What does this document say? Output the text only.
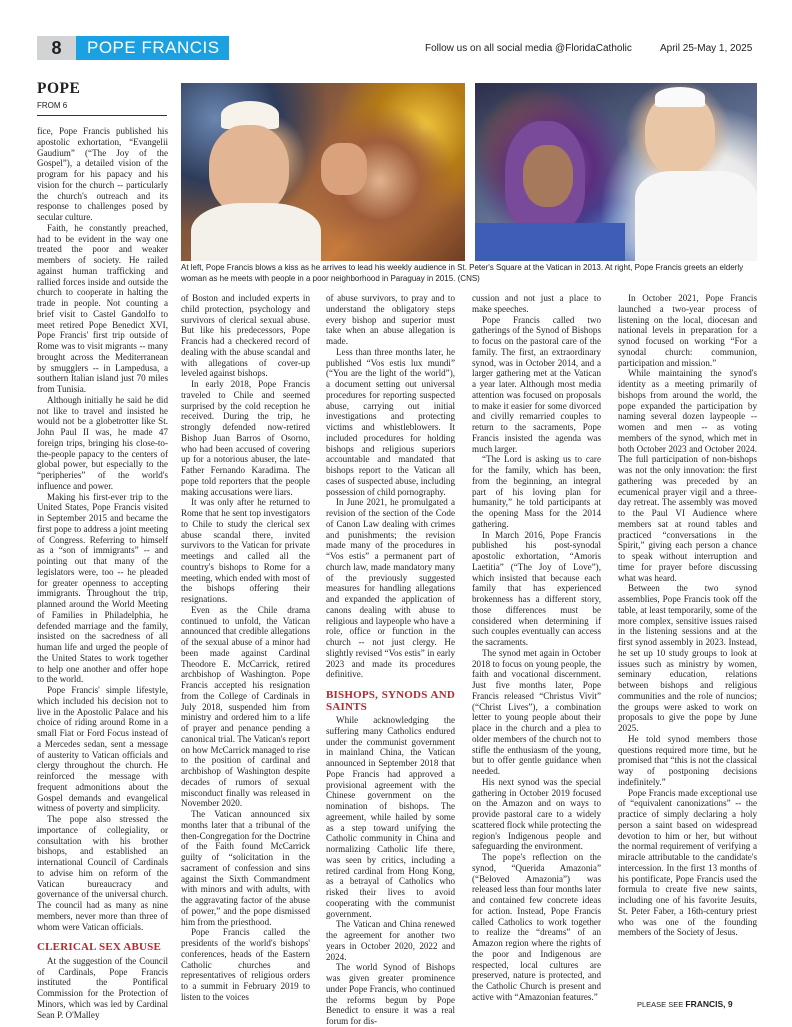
8	POPE FRANCIS	Follow us on all social media @FloridaCatholic	April 25-May 1, 2025
POPE
FROM 6
At left, Pope Francis blows a kiss as he arrives to lead his weekly audience in St. Peter's Square at the Vatican in 2013. At right, Pope Francis greets an elderly woman as he meets with people in a poor neighborhood in Paraguay in 2015. (CNS)

fice, Pope Francis published his apostolic exhortation, “Evangelii Gaudium” (“The Joy of the Gospel”), a detailed vision of the program for his papacy and his vision for the church -- particularly the church's outreach and its response to challenges posed by secular culture.

Faith, he constantly preached, had to be evident in the way one treated the poor and weaker members of society. He railed against human trafficking and rallied forces inside and outside the church to cooperate in halting the trade in people. Not counting a brief visit to Castel Gandolfo to meet retired Pope Benedict XVI, Pope Francis' first trip outside of Rome was to visit migrants -- many brought across the Mediterranean by smugglers -- in Lampedusa, a southern Italian island just 70 miles from Tunisia.

Although initially he said he did not like to travel and insisted he would not be a globetrotter like St. John Paul II was, he made 47 foreign trips, bringing his close-to-the-people papacy to the centers of global power, but especially to the “peripheries” of the world's influence and power.

Making his first-ever trip to the United States, Pope Francis visited in September 2015 and became the first pope to address a joint meeting of Congress. Referring to himself as a “son of immigrants” -- and pointing out that many of the legislators were, too -- he pleaded for greater openness to accepting immigrants. Throughout the trip, planned around the World Meeting of Families in Philadelphia, he defended marriage and the family, insisted on the sacredness of all human life and urged the people of the United States to work together to help one another and offer hope to the world.

Pope Francis' simple lifestyle, which included his decision not to live in the Apostolic Palace and his choice of riding around Rome in a small Fiat or Ford Focus instead of a Mercedes sedan, sent a message of austerity to Vatican officials and clergy throughout the church. He reinforced the message with frequent admonitions about the Gospel demands and evangelical witness of poverty and simplicity.

The pope also stressed the importance of collegiality, or consultation with his brother bishops, and established an international Council of Cardinals to advise him on reform of the Vatican bureaucracy and governance of the universal church. The council had as many as nine members, never more than three of whom were Vatican officials.

CLERICAL SEX ABUSE

At the suggestion of the Council of Cardinals, Pope Francis instituted the Pontifical Commission for the Protection of Minors, which was led by Cardinal Sean P. O'Malley

of Boston and included experts in child protection, psychology and survivors of clerical sexual abuse. But like his predecessors, Pope Francis had a checkered record of dealing with the abuse scandal and with allegations of cover-up leveled against bishops.

In early 2018, Pope Francis traveled to Chile and seemed surprised by the cold reception he received. During the trip, he strongly defended now-retired Bishop Juan Barros of Osorno, who had been accused of covering up for a notorious abuser, the late-Father Fernando Karadima. The pope told reporters that the people making accusations were liars.

It was only after he returned to Rome that he sent top investigators to Chile to study the clerical sex abuse scandal there, invited survivors to the Vatican for private meetings and called all the country's bishops to Rome for a meeting, which ended with most of the bishops offering their resignations.

Even as the Chile drama continued to unfold, the Vatican announced that credible allegations of the sexual abuse of a minor had been made against Cardinal Theodore E. McCarrick, retired archbishop of Washington. Pope Francis accepted his resignation from the College of Cardinals in July 2018, suspended him from ministry and ordered him to a life of prayer and penance pending a canonical trial. The Vatican's report on how McCarrick managed to rise to the position of cardinal and archbishop of Washington despite decades of rumors of sexual misconduct finally was released in November 2020.

The Vatican announced six months later that a tribunal of the then-Congregation for the Doctrine of the Faith found McCarrick guilty of “solicitation in the sacrament of confession and sins against the Sixth Commandment with minors and with adults, with the aggravating factor of the abuse of power,” and the pope dismissed him from the priesthood.

Pope Francis called the presidents of the world's bishops' conferences, heads of the Eastern Catholic churches and representatives of religious orders to a summit in February 2019 to listen to the voices

of abuse survivors, to pray and to understand the obligatory steps every bishop and superior must take when an abuse allegation is made.

Less than three months later, he published “Vos estis lux mundi” (“You are the light of the world”), a document setting out universal procedures for reporting suspected abuse, carrying out initial investigations and protecting victims and whistleblowers. It included procedures for holding bishops and religious superiors accountable and mandated that bishops report to the Vatican all cases of suspected abuse, including possession of child pornography.

In June 2021, he promulgated a revision of the section of the Code of Canon Law dealing with crimes and punishments; the revision made many of the procedures in “Vos estis” a permanent part of church law, made mandatory many of the previously suggested measures for handling allegations and expanded the application of canons dealing with abuse to religious and laypeople who have a role, office or function in the church -- not just clergy. He slightly revised “Vos estis” in early 2023 and made its procedures definitive.

BISHOPS, SYNODS AND SAINTS

While acknowledging the suffering many Catholics endured under the communist government in mainland China, the Vatican announced in September 2018 that Pope Francis had approved a provisional agreement with the Chinese government on the nomination of bishops. The agreement, while hailed by some as a step toward unifying the Catholic community in China and normalizing Catholic life there, was seen by critics, including a retired cardinal from Hong Kong, as a betrayal of Catholics who risked their lives to avoid cooperating with the communist government.

The Vatican and China renewed the agreement for another two years in October 2020, 2022 and 2024.

The world Synod of Bishops was given greater prominence under Pope Francis, who continued the reforms begun by Pope Benedict to ensure it was a real forum for dis-

cussion and not just a place to make speeches.

Pope Francis called two gatherings of the Synod of Bishops to focus on the pastoral care of the family. The first, an extraordinary synod, was in October 2014, and a larger gathering met at the Vatican a year later. Although most media attention was focused on proposals to make it easier for some divorced and civilly remarried couples to return to the sacraments, Pope Francis insisted the agenda was much larger.

“The Lord is asking us to care for the family, which has been, from the beginning, an integral part of his loving plan for humanity,” he told participants at the opening Mass for the 2014 gathering.

In March 2016, Pope Francis published his post-synodal apostolic exhortation, “Amoris Laetitia” (“The Joy of Love”), which insisted that because each family that has experienced brokenness has a different story, those differences must be considered when determining if such couples eventually can access the sacraments.

The synod met again in October 2018 to focus on young people, the faith and vocational discernment. Just five months later, Pope Francis released “Christus Vivit” (“Christ Lives”), a combination letter to young people about their place in the church and a plea to older members of the church not to stifle the enthusiasm of the young, but to offer gentle guidance when needed.

His next synod was the special gathering in October 2019 focused on the Amazon and on ways to provide pastoral care to a widely scattered flock while protecting the region's Indigenous people and safeguarding the environment.

The pope's reflection on the synod, “Querida Amazonia” (“Beloved Amazonia”) was released less than four months later and contained few concrete ideas for action. Instead, Pope Francis called Catholics to work together to realize the “dreams” of an Amazon region where the rights of the poor and Indigenous are respected, local cultures are preserved, nature is protected, and the Catholic Church is present and active with “Amazonian features.”

In October 2021, Pope Francis launched a two-year process of listening on the local, diocesan and national levels in preparation for a synod focused on working “For a synodal church: communion, participation and mission.”

While maintaining the synod's identity as a meeting primarily of bishops from around the world, the pope expanded the participation by naming several dozen laypeople -- women and men -- as voting members of the synod, which met in both October 2023 and October 2024. The full participation of non-bishops was not the only innovation: the first gathering was preceded by an ecumenical prayer vigil and a three-day retreat. The assembly was moved to the Paul VI Audience where members sat at round tables and practiced “conversations in the Spirit,” giving each person a chance to speak without interruption and time for prayer before discussing what was heard.

Between the two synod assemblies, Pope Francis took off the table, at least temporarily, some of the more complex, sensitive issues raised in the listening sessions and at the first synod assembly in 2023. Instead, he set up 10 study groups to look at issues such as ministry by women, seminary education, relations between bishops and religious communities and the role of nuncios; the groups were asked to work on proposals to give the pope by June 2025.

He told synod members those questions required more time, but he promised that “this is not the classical way of postponing decisions indefinitely.”

Pope Francis made exceptional use of “equivalent canonizations” -- the practice of simply declaring a holy person a saint based on widespread devotion to him or her, but without the normal requirement of verifying a miracle attributable to the candidate's intercession. In the first 13 months of his pontificate, Pope Francis used the formula to create five new saints, including one of his favorite Jesuits, St. Peter Faber, a 16th-century priest who was one of the founding members of the Society of Jesus.

PLEASE SEE FRANCIS, 9
